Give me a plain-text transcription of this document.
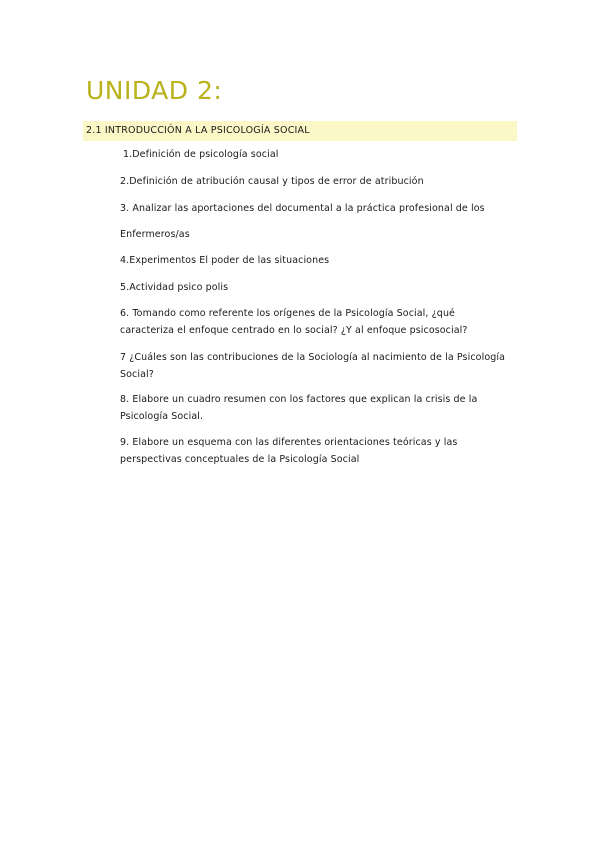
UNIDAD 2:
2.1 INTRODUCCIÓN A LA PSICOLOGÍA SOCIAL
1.Definición de psicología social
2.Definición de atribución causal y tipos de error de atribución
3. Analizar las aportaciones del documental a la práctica profesional de los
Enfermeros/as
4.Experimentos El poder de las situaciones
5.Actividad psico polis
6. Tomando como referente los orígenes de la Psicología Social, ¿qué
caracteriza el enfoque centrado en lo social? ¿Y al enfoque psicosocial?
7 ¿Cuáles son las contribuciones de la Sociología al nacimiento de la Psicología
Social?
8. Elabore un cuadro resumen con los factores que explican la crisis de la
Psicología Social.
9. Elabore un esquema con las diferentes orientaciones teóricas y las
perspectivas conceptuales de la Psicología Social
